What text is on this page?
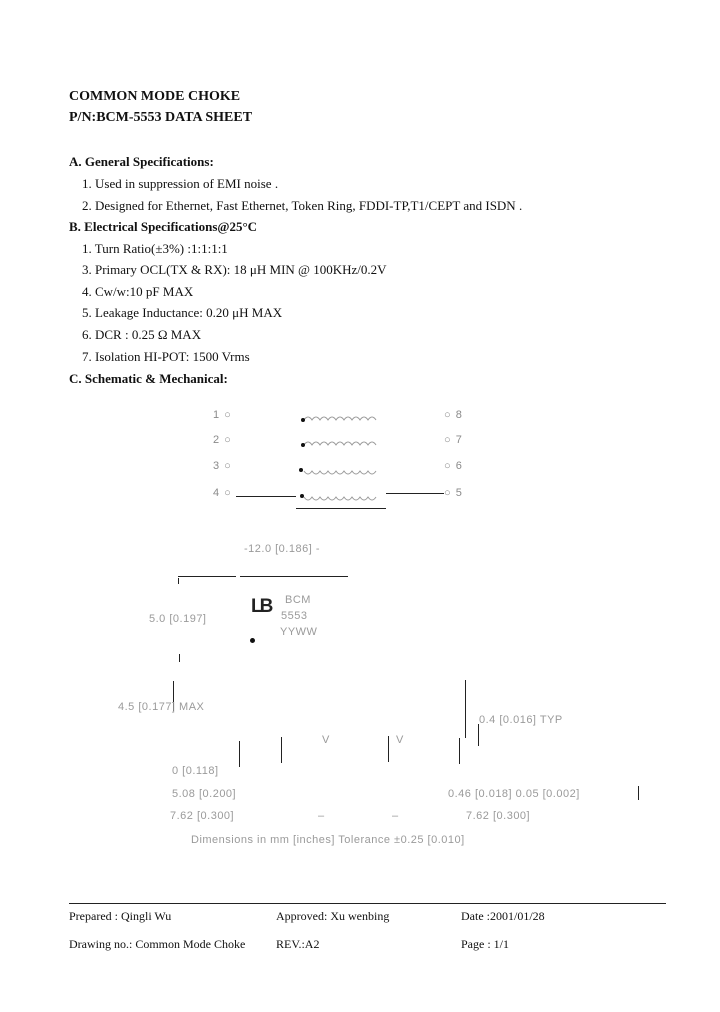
COMMON MODE CHOKE
P/N:BCM-5553 DATA SHEET
A. General Specifications:
1. Used in suppression of EMI noise .
2. Designed for Ethernet, Fast Ethernet, Token Ring, FDDI-TP,T1/CEPT and ISDN .
B. Electrical Specifications@25°C
1. Turn Ratio(±3%) :1:1:1:1
3. Primary OCL(TX & RX): 18 μH MIN @ 100KHz/0.2V
4. Cw/w:10 pF MAX
5. Leakage Inductance: 0.20 μH MAX
6. DCR : 0.25 Ω MAX
7. Isolation HI-POT: 1500 Vrms
C. Schematic & Mechanical:
1 ○
2 ○
3 ○
4 ○
○ 8
○ 7
○ 6
○ 5
-12.0 [0.186] -
LB BCM
5553
YYWW
5.0 [0.197]
4.5 [0.177] MAX
0.4 [0.016] TYP
V	V
0 [0.118]
5.08 [0.200]	0.46 [0.018] 0.05 [0.002]
7.62 [0.300]	–	–	7.62 [0.300]
Dimensions in mm [inches] Tolerance ±0.25 [0.010]
Prepared : Qingli Wu	Approved: Xu wenbing	Date :2001/01/28
Drawing no.: Common Mode Choke	REV.:A2	Page : 1/1
